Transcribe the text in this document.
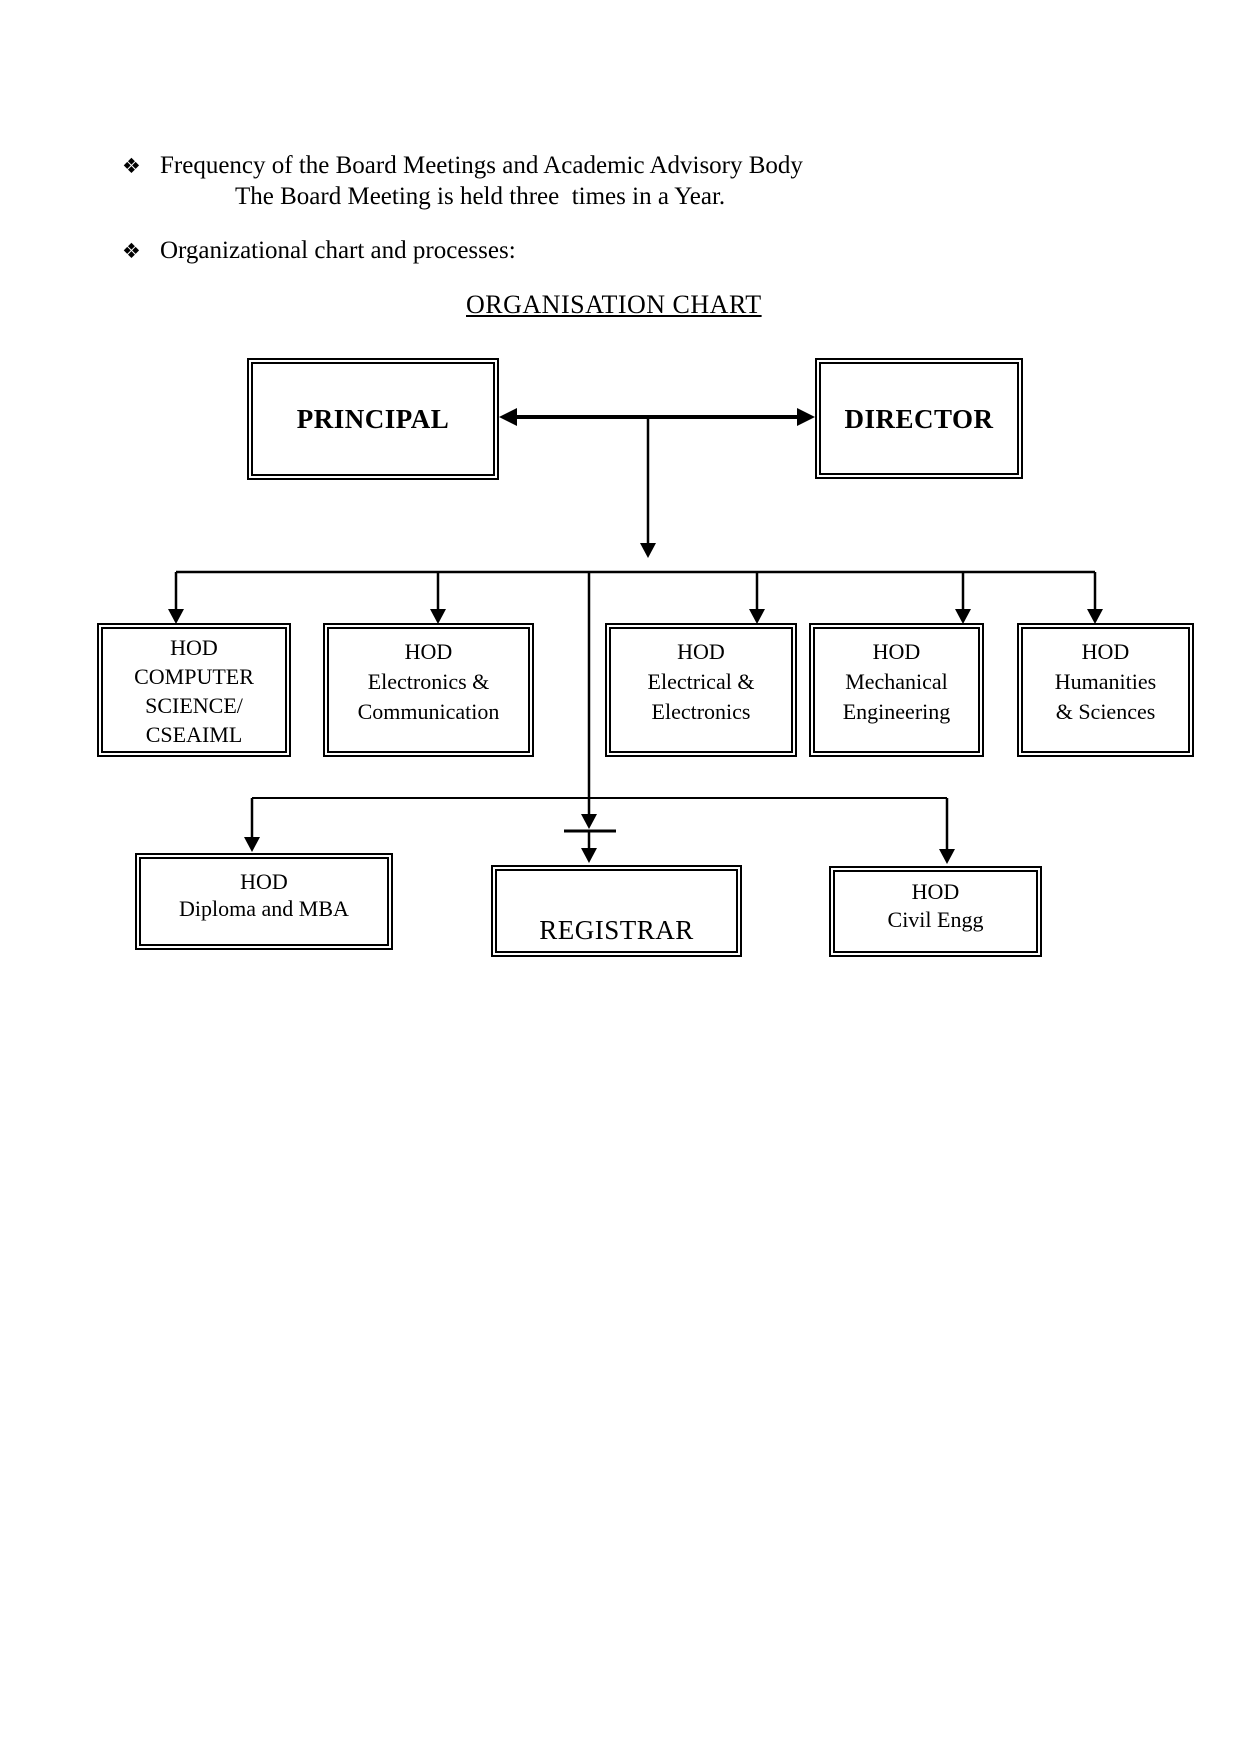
❖ Frequency of the Board Meetings and Academic Advisory Body
The Board Meeting is held three  times in a Year.
❖ Organizational chart and processes:
ORGANISATION CHART
PRINCIPAL	DIRECTOR
HOD
COMPUTER
SCIENCE/
CSEAIML
HOD
Electronics &
Communication
HOD
Electrical &
Electronics
HOD
Mechanical
Engineering
HOD
Humanities
& Sciences
HOD
Diploma and MBA
REGISTRAR
HOD
Civil Engg
